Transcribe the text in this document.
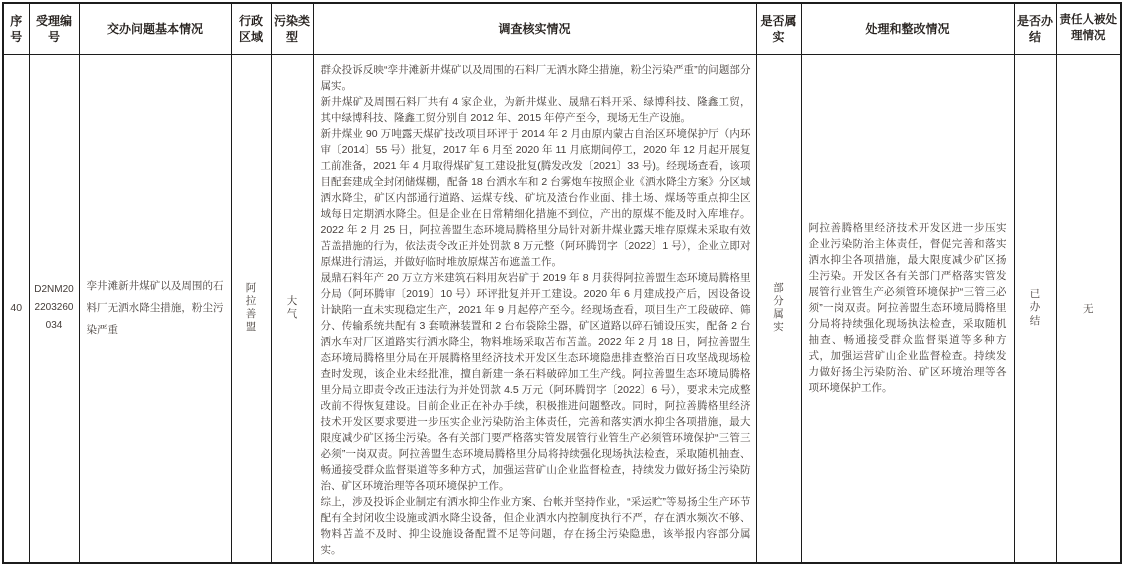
序号	受理编号	交办问题基本情况	行政区域	污染类型	调查核实情况	是否属实	处理和整改情况	是否办结	责任人被处理情况
40	D2NM202203260034	孪井滩新井煤矿以及周围的石料厂无洒水降尘措施，粉尘污染严重	阿拉善盟	大气	群众投诉反映“孪井滩新井煤矿以及周围的石料厂无洒水降尘措施，粉尘污染严重”的问题部分属实。

新井煤矿及周围石料厂共有 4 家企业，为新井煤业、晟鼎石料开采、绿博科技、隆鑫工贸，其中绿博科技、隆鑫工贸分别自 2012 年、2015 年停产至今，现场无生产设施。

新井煤业 90 万吨露天煤矿技改项目环评于 2014 年 2 月由原内蒙古自治区环境保护厅（内环审〔2014〕55 号）批复，2017 年 6 月至 2020 年 11 月底期间停工，2020 年 12 月起开展复工前准备，2021 年 4 月取得煤矿复工建设批复(腾发改发〔2021〕33 号)。经现场查看，该项目配套建成全封闭储煤棚，配备 18 台洒水车和 2 台雾炮车按照企业《洒水降尘方案》分区域洒水降尘，矿区内部通行道路、运煤专线、矿坑及渣台作业面、排土场、煤场等重点抑尘区域每日定期洒水降尘。但是企业在日常精细化措施不到位，产出的原煤不能及时入库堆存。 2022 年 2 月 25 日，阿拉善盟生态环境局腾格里分局针对新井煤业露天堆存原煤未采取有效苫盖措施的行为，依法责令改正并处罚款 8 万元整（阿环腾罚字〔2022〕1 号），企业立即对原煤进行清运，并做好临时堆放原煤苫布遮盖工作。

晟鼎石料年产 20 万立方米建筑石料用灰岩矿于 2019 年 8 月获得阿拉善盟生态环境局腾格里分局（阿环腾审〔2019〕10 号）环评批复并开工建设。2020 年 6 月建成投产后，因设备设计缺陷一直未实现稳定生产，2021 年 9 月起停产至今。经现场查看，项目生产工段破碎、筛分、传输系统共配有 3 套喷淋装置和 2 台布袋除尘器，矿区道路以碎石铺设压实，配备 2 台洒水车对厂区道路实行洒水降尘，物料堆场采取苫布苫盖。2022 年 2 月 18 日，阿拉善盟生态环境局腾格里分局在开展腾格里经济技术开发区生态环境隐患排查整治百日攻坚战现场检查时发现，该企业未经批准，擅自新建一条石料破碎加工生产线。阿拉善盟生态环境局腾格里分局立即责令改正违法行为并处罚款 4.5 万元（阿环腾罚字〔2022〕6 号），要求未完成整改前不得恢复建设。目前企业正在补办手续，积极推进问题整改。同时，阿拉善腾格里经济技术开发区要求要进一步压实企业污染防治主体责任，完善和落实洒水抑尘各项措施，最大限度减少矿区扬尘污染。各有关部门要严格落实管发展管行业管生产必须管环境保护“三管三必须”一岗双责。阿拉善盟生态环境局腾格里分局将持续强化现场执法检查，采取随机抽查、畅通接受群众监督渠道等多种方式，加强运营矿山企业监督检查，持续发力做好扬尘污染防治、矿区环境治理等各项环境保护工作。

综上，涉及投诉企业制定有洒水抑尘作业方案、台帐并坚持作业，“采运贮”等易扬尘生产环节配有全封闭收尘设施或洒水降尘设备，但企业洒水内控制度执行不严，存在洒水频次不够、物料苫盖不及时、抑尘设施设备配置不足等问题，存在扬尘污染隐患，该举报内容部分属实。	部分属实	阿拉善腾格里经济技术开发区进一步压实企业污染防治主体责任，督促完善和落实洒水抑尘各项措施，最大限度减少矿区扬尘污染。开发区各有关部门严格落实管发展管行业管生产必须管环境保护“三管三必须”一岗双责。阿拉善盟生态环境局腾格里分局将持续强化现场执法检查，采取随机抽查、畅通接受群众监督渠道等多种方式，加强运营矿山企业监督检查。持续发力做好扬尘污染防治、矿区环境治理等各项环境保护工作。	已办结	无
